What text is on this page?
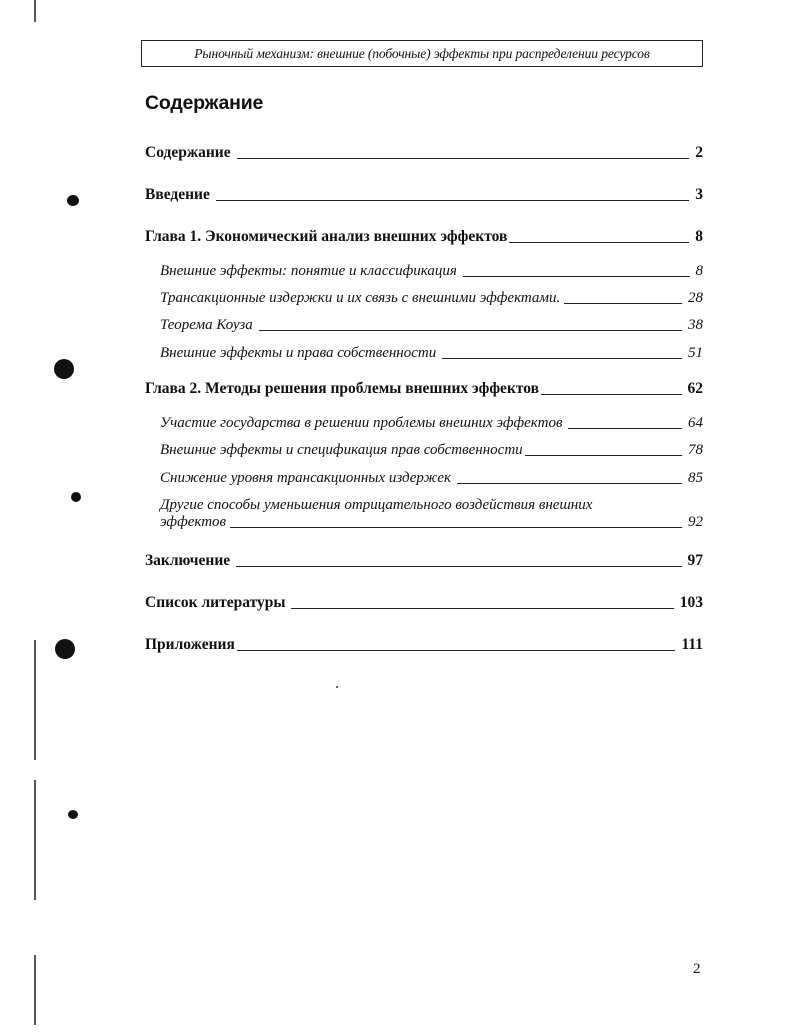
Рыночный механизм: внешние (побочные) эффекты при распределении ресурсов
Содержание
Содержание	2
Введение	3
Глава 1. Экономический анализ внешних эффектов	8
Внешние эффекты: понятие и классификация	8
Трансакционные издержки и их связь с внешними эффектами.	28
Теорема Коуза	38
Внешние эффекты и права собственности	51
Глава 2. Методы решения проблемы внешних эффектов	62
Участие государства в решении проблемы внешних эффектов	64
Внешние эффекты и спецификация прав собственности	78
Снижение уровня трансакционных издержек	85
Другие способы уменьшения отрицательного воздействия внешних
эффектов	92
Заключение	97
Список литературы	103
Приложения	111
2
